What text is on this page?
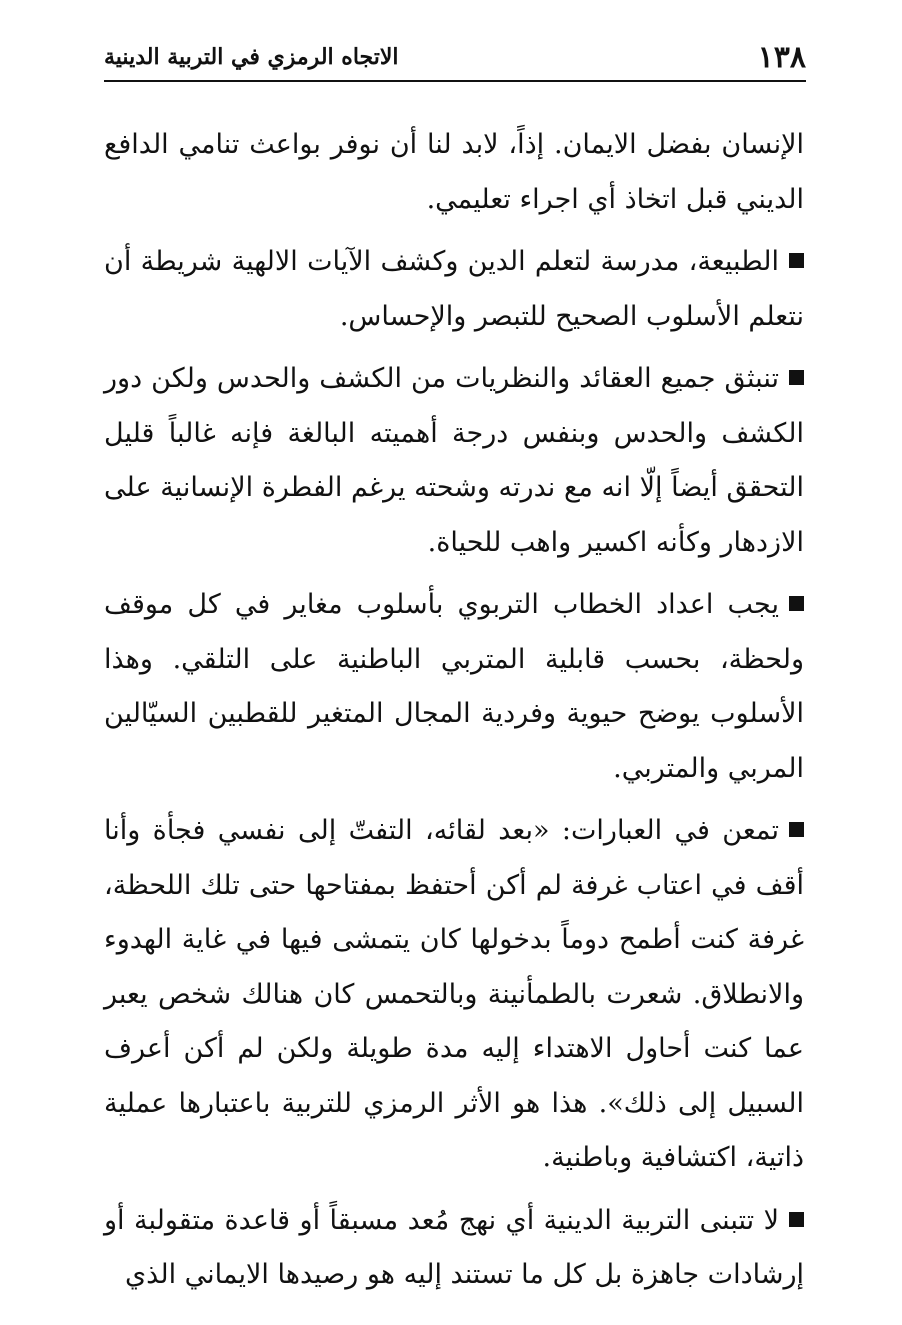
١٣٨
الاتجاه الرمزي في التربية الدينية

الإنسان بفضل الايمان. إذاً، لابد لنا أن نوفر بواعث تنامي الدافع الديني قبل اتخاذ أي اجراء تعليمي.

الطبيعة، مدرسة لتعلم الدين وكشف الآيات الالهية شريطة أن نتعلم الأسلوب الصحيح للتبصر والإحساس.

تنبثق جميع العقائد والنظريات من الكشف والحدس ولكن دور الكشف والحدس وبنفس درجة أهميته البالغة فإنه غالباً قليل التحقق أيضاً إلّا انه مع ندرته وشحته يرغم الفطرة الإنسانية على الازدهار وكأنه اكسير واهب للحياة.

يجب اعداد الخطاب التربوي بأسلوب مغاير في كل موقف ولحظة، بحسب قابلية المتربي الباطنية على التلقي. وهذا الأسلوب يوضح حيوية وفردية المجال المتغير للقطبين السيّالين المربي والمتربي.

تمعن في العبارات: «بعد لقائه، التفتّ إلى نفسي فجأة وأنا أقف في اعتاب غرفة لم أكن أحتفظ بمفتاحها حتى تلك اللحظة، غرفة كنت أطمح دوماً بدخولها كان يتمشى فيها في غاية الهدوء والانطلاق. شعرت بالطمأنينة وبالتحمس كان هنالك شخص يعبر عما كنت أحاول الاهتداء إليه مدة طويلة ولكن لم أكن أعرف السبيل إلى ذلك». هذا هو الأثر الرمزي للتربية باعتبارها عملية ذاتية، اكتشافية وباطنية.

لا تتبنى التربية الدينية أي نهج مُعد مسبقاً أو قاعدة متقولبة أو إرشادات جاهزة بل كل ما تستند إليه هو رصيدها الايماني الذي
